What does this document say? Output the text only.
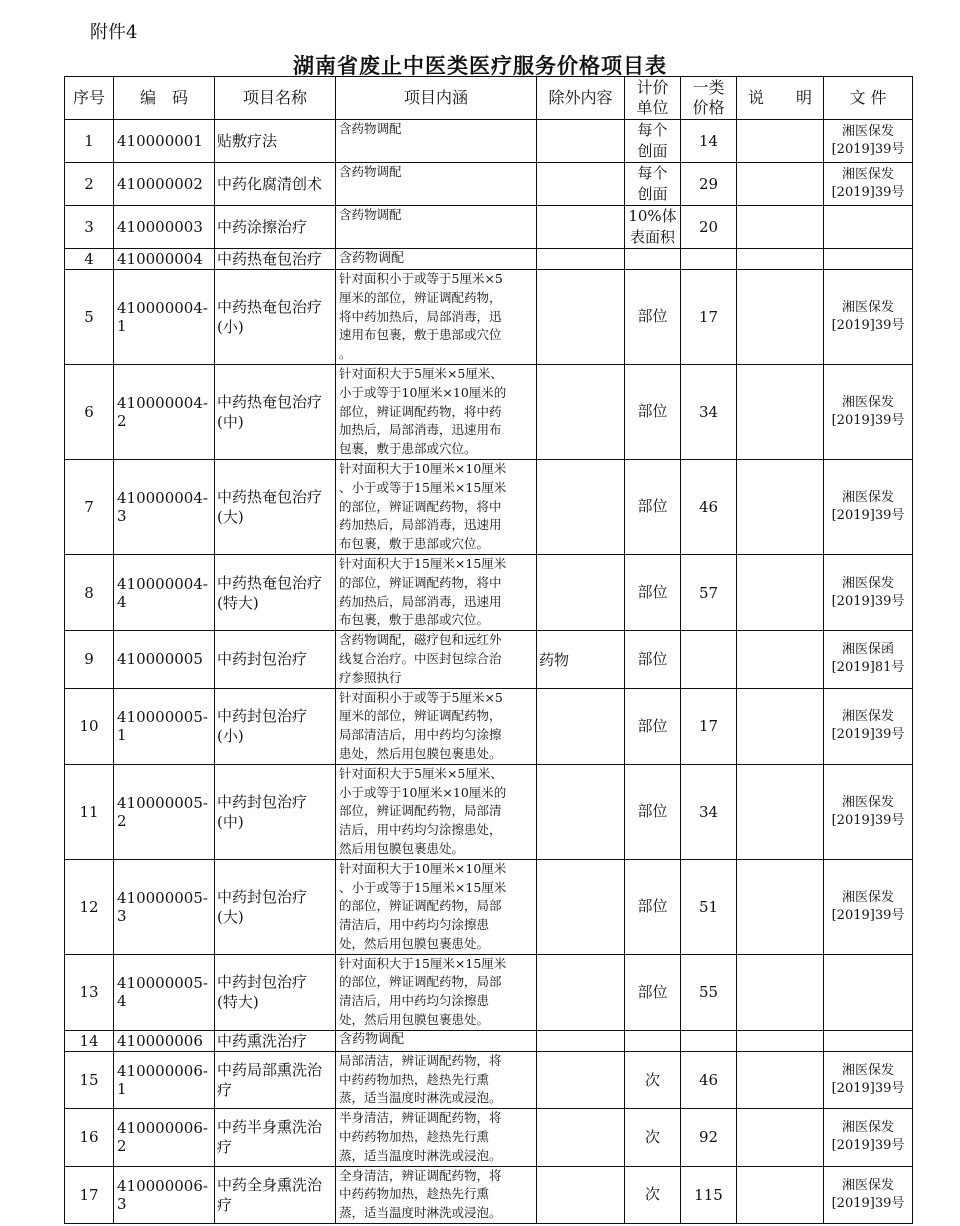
附件4
湖南省废止中医类医疗服务价格项目表
序号	编　码	项目名称	项目内涵	除外内容	计价
单位	一类
价格	说　　明	文 件
1	410000001	贴敷疗法	含药物调配		每个
创面	14		湘医保发
[2019]39号
2	410000002	中药化腐清创术	含药物调配		每个
创面	29		湘医保发
[2019]39号
3	410000003	中药涂擦治疗	含药物调配		10%体
表面积	20		
4	410000004	中药热奄包治疗	含药物调配					
5	410000004-1	中药热奄包治疗
(小)	针对面积小于或等于5厘米×5
厘米的部位，辨证调配药物，
将中药加热后，局部消毒，迅
速用布包裹，敷于患部或穴位
。		部位	17		湘医保发
[2019]39号
6	410000004-2	中药热奄包治疗
(中)	针对面积大于5厘米×5厘米、
小于或等于10厘米×10厘米的
部位，辨证调配药物，将中药
加热后，局部消毒，迅速用布
包裹，敷于患部或穴位。		部位	34		湘医保发
[2019]39号
7	410000004-3	中药热奄包治疗
(大)	针对面积大于10厘米×10厘米
、小于或等于15厘米×15厘米
的部位，辨证调配药物，将中
药加热后，局部消毒，迅速用
布包裹，敷于患部或穴位。		部位	46		湘医保发
[2019]39号
8	410000004-4	中药热奄包治疗
(特大)	针对面积大于15厘米×15厘米
的部位，辨证调配药物，将中
药加热后，局部消毒，迅速用
布包裹，敷于患部或穴位。		部位	57		湘医保发
[2019]39号
9	410000005	中药封包治疗	含药物调配，磁疗包和远红外
线复合治疗。中医封包综合治
疗参照执行	药物	部位			湘医保函
[2019]81号
10	410000005-1	中药封包治疗
(小)	针对面积小于或等于5厘米×5
厘米的部位，辨证调配药物，
局部清洁后，用中药均匀涂擦
患处，然后用包膜包裹患处。		部位	17		湘医保发
[2019]39号
11	410000005-2	中药封包治疗
(中)	针对面积大于5厘米×5厘米、
小于或等于10厘米×10厘米的
部位，辨证调配药物，局部清
洁后，用中药均匀涂擦患处，
然后用包膜包裹患处。		部位	34		湘医保发
[2019]39号
12	410000005-3	中药封包治疗
(大)	针对面积大于10厘米×10厘米
、小于或等于15厘米×15厘米
的部位，辨证调配药物，局部
清洁后，用中药均匀涂擦患
处，然后用包膜包裹患处。		部位	51		湘医保发
[2019]39号
13	410000005-4	中药封包治疗
(特大)	针对面积大于15厘米×15厘米
的部位，辨证调配药物，局部
清洁后，用中药均匀涂擦患
处，然后用包膜包裹患处。		部位	55		
14	410000006	中药熏洗治疗	含药物调配					
15	410000006-1	中药局部熏洗治
疗	局部清洁，辨证调配药物，将
中药药物加热，趁热先行熏
蒸，适当温度时淋洗或浸泡。		次	46		湘医保发
[2019]39号
16	410000006-2	中药半身熏洗治
疗	半身清洁，辨证调配药物，将
中药药物加热，趁热先行熏
蒸，适当温度时淋洗或浸泡。		次	92		湘医保发
[2019]39号
17	410000006-3	中药全身熏洗治
疗	全身清洁，辨证调配药物，将
中药药物加热，趁热先行熏
蒸，适当温度时淋洗或浸泡。		次	115		湘医保发
[2019]39号
